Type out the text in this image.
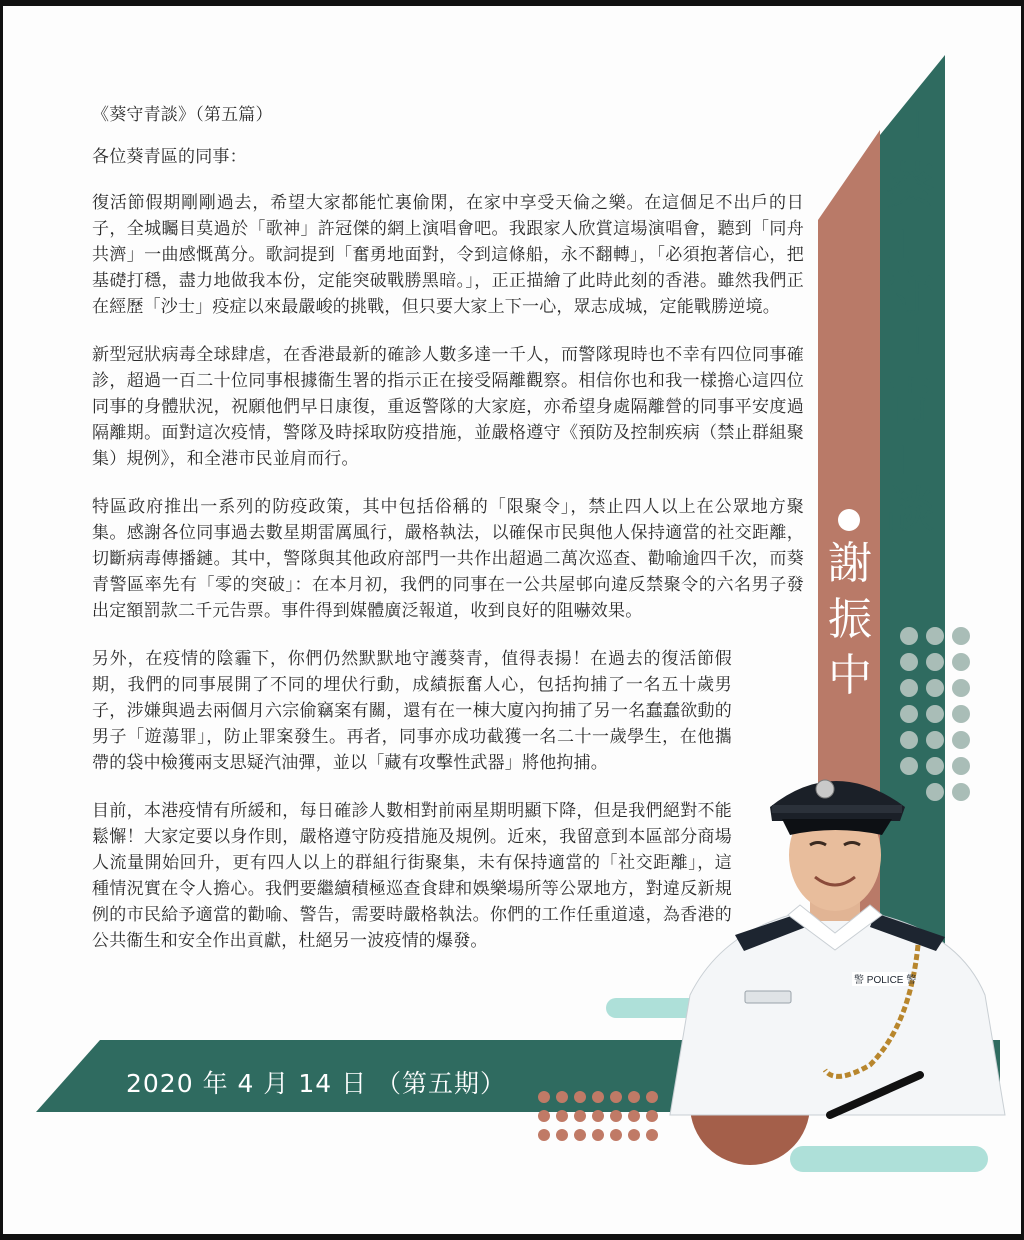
警 POLICE 警

《葵守青談》（第五篇）

各位葵青區的同事：

復活節假期剛剛過去，希望大家都能忙裏偷閑，在家中享受天倫之樂。在這個足不出戶的日子，全城矚目莫過於「歌神」許冠傑的網上演唱會吧。我跟家人欣賞這場演唱會，聽到「同舟共濟」一曲感慨萬分。歌詞提到「奮勇地面對，令到這條船，永不翻轉」，「必須抱著信心，把基礎打穩，盡力地做我本份，定能突破戰勝黑暗。」，正正描繪了此時此刻的香港。雖然我們正在經歷「沙士」疫症以來最嚴峻的挑戰，但只要大家上下一心，眾志成城，定能戰勝逆境。

新型冠狀病毒全球肆虐，在香港最新的確診人數多達一千人，而警隊現時也不幸有四位同事確診，超過一百二十位同事根據衞生署的指示正在接受隔離觀察。相信你也和我一樣擔心這四位同事的身體狀況，祝願他們早日康復，重返警隊的大家庭，亦希望身處隔離營的同事平安度過隔離期。面對這次疫情，警隊及時採取防疫措施，並嚴格遵守《預防及控制疾病（禁止群組聚集）規例》，和全港市民並肩而行。

特區政府推出一系列的防疫政策，其中包括俗稱的「限聚令」，禁止四人以上在公眾地方聚集。感謝各位同事過去數星期雷厲風行，嚴格執法，以確保市民與他人保持適當的社交距離，切斷病毒傳播鏈。其中，警隊與其他政府部門一共作出超過二萬次巡查、勸喻逾四千次，而葵青警區率先有「零的突破」：在本月初，我們的同事在一公共屋邨向違反禁聚令的六名男子發出定額罰款二千元告票。事件得到媒體廣泛報道，收到良好的阻嚇效果。

另外，在疫情的陰霾下，你們仍然默默地守護葵青，值得表揚！在過去的復活節假期，我們的同事展開了不同的埋伏行動，成績振奮人心，包括拘捕了一名五十歲男子，涉嫌與過去兩個月六宗偷竊案有關，還有在一棟大廈內拘捕了另一名蠢蠢欲動的男子「遊蕩罪」，防止罪案發生。再者，同事亦成功截獲一名二十一歲學生，在他攜帶的袋中檢獲兩支思疑汽油彈，並以「藏有攻擊性武器」將他拘捕。

目前，本港疫情有所緩和，每日確診人數相對前兩星期明顯下降，但是我們絕對不能鬆懈！大家定要以身作則，嚴格遵守防疫措施及規例。近來，我留意到本區部分商場人流量開始回升，更有四人以上的群組行街聚集，未有保持適當的「社交距離」，這種情況實在令人擔心。我們要繼續積極巡查食肆和娛樂場所等公眾地方，對違反新規例的市民給予適當的勸喻、警告，需要時嚴格執法。你們的工作任重道遠，為香港的公共衞生和安全作出貢獻，杜絕另一波疫情的爆發。

「
葵
」
守
「
青
」
談
謝
振
中
2020 年 4 月 14 日 （第五期）
